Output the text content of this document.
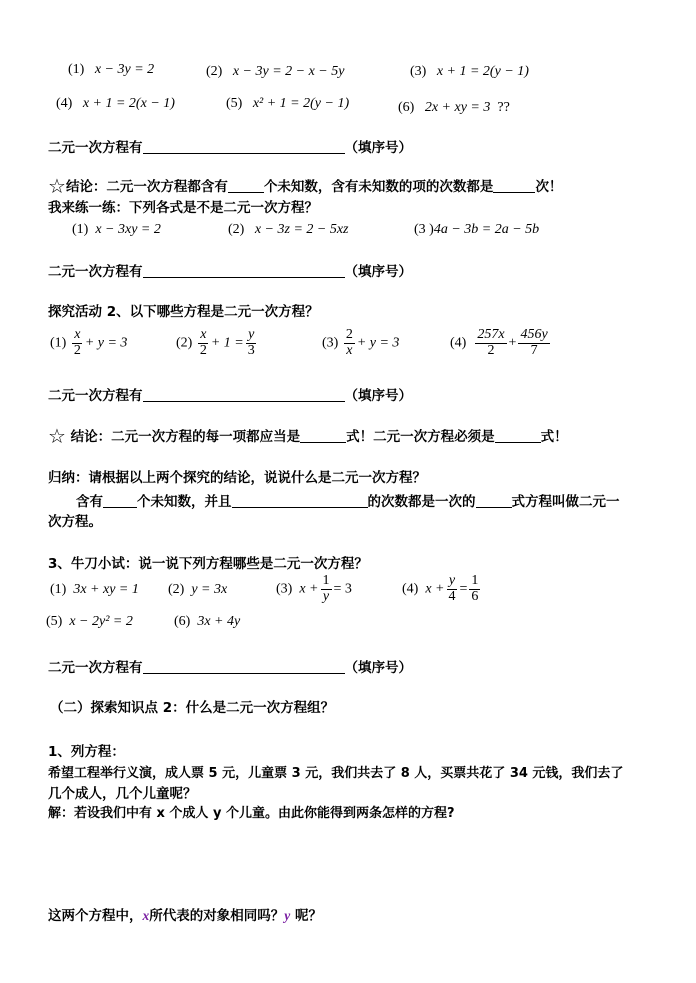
(1) x − 3y = 2	(2) x − 3y = 2 − x − 5y	(3) x + 1 = 2(y − 1)
(4) x + 1 = 2(x − 1)	(5) x² + 1 = 2(y − 1)	(6) 2x + xy = 3 ??
二元一次方程有	（填序号）
☆结论：二元一次方程都含有	个未知数，含有未知数的项的次数都是	次！
我来练一练：下列各式是不是二元一次方程？
(1) x − 3xy = 2	(2) x − 3z = 2 − 5xz	(3 )4a − 3b = 2a − 5b
二元一次方程有	（填序号）
探究活动 2、以下哪些方程是二元一次方程？
$(1) \frac{x}{2} + y = 3$	$(2) \frac{x}{2} + 1 = \frac{y}{3}$	$(3) \frac{2}{x} + y = 3$	$(4) \frac{257x}{2} + \frac{456y}{7}$
二元一次方程有	（填序号）
☆ 结论：二元一次方程的每一项都应当是	式！二元一次方程必须是	式！
归纳：请根据以上两个探究的结论，说说什么是二元一次方程？
含有	个未知数，并且	的次数都是一次的	式方程叫做二元一
次方程。
3、牛刀小试：说一说下列方程哪些是二元一次方程？
(1) 3x + xy = 1 (2) y = 3x	(3) $x + \frac{1}{y} = 3$	(4) $x + \frac{y}{4} = \frac{1}{6}$
(5) x − 2y² = 2	(6) 3x + 4y
二元一次方程有	（填序号）
（二）探索知识点 2：什么是二元一次方程组？
1、列方程：
希望工程举行义演，成人票 5 元，儿童票 3 元，我们共去了 8 人，买票共花了 34 元钱，我们去了
几个成人，几个儿童呢？
解：若设我们中有 x 个成人 y 个儿童。由此你能得到两条怎样的方程?
这两个方程中，x所代表的对象相同吗？y 呢？
